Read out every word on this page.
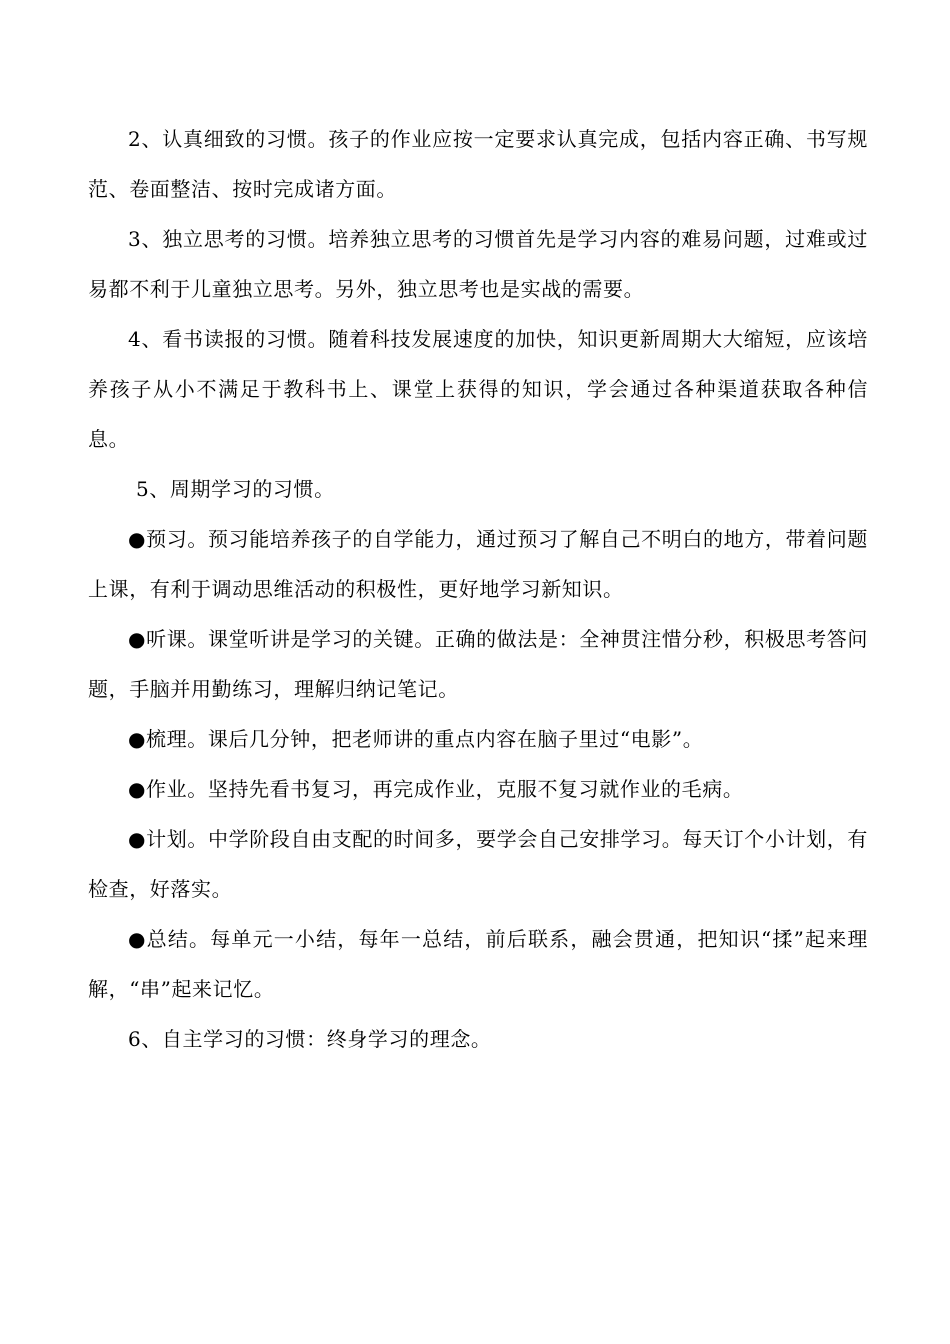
2、认真细致的习惯。孩子的作业应按一定要求认真完成，包括内容正确、书写规范、卷面整洁、按时完成诸方面。

3、独立思考的习惯。培养独立思考的习惯首先是学习内容的难易问题，过难或过易都不利于儿童独立思考。另外，独立思考也是实战的需要。

4、看书读报的习惯。随着科技发展速度的加快，知识更新周期大大缩短，应该培养孩子从小不满足于教科书上、课堂上获得的知识，学会通过各种渠道获取各种信息。

5、周期学习的习惯。

●预习。预习能培养孩子的自学能力，通过预习了解自己不明白的地方，带着问题上课，有利于调动思维活动的积极性，更好地学习新知识。

●听课。课堂听讲是学习的关键。正确的做法是：全神贯注惜分秒，积极思考答问题，手脑并用勤练习，理解归纳记笔记。

●梳理。课后几分钟，把老师讲的重点内容在脑子里过“电影”。

●作业。坚持先看书复习，再完成作业，克服不复习就作业的毛病。

●计划。中学阶段自由支配的时间多，要学会自己安排学习。每天订个小计划，有检查，好落实。

●总结。每单元一小结，每年一总结，前后联系，融会贯通，把知识“揉”起来理解，“串”起来记忆。

6、自主学习的习惯：终身学习的理念。
